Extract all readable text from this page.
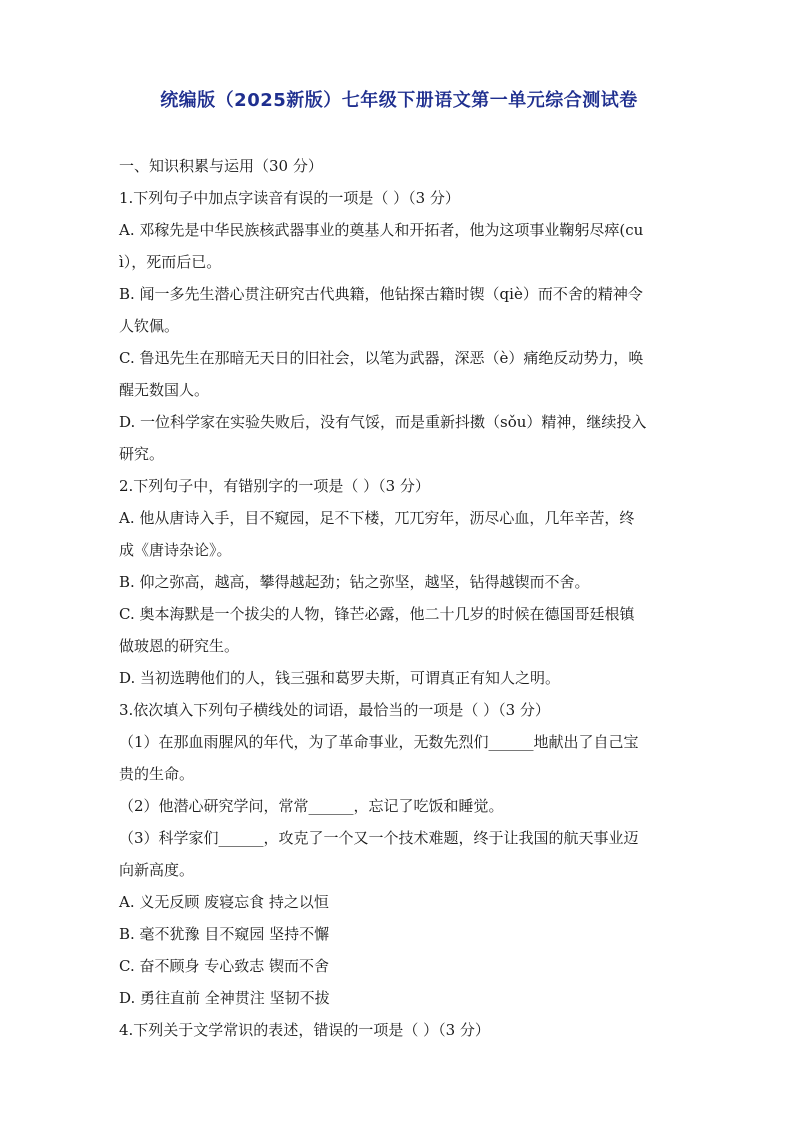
统编版（2025新版）七年级下册语文第一单元综合测试卷
一、知识积累与运用（30 分）
1.下列句子中加点字读音有误的一项是（ ）（3 分）
A. 邓稼先是中华民族核武器事业的奠基人和开拓者，他为这项事业鞠躬尽瘁(cu
ì），死而后已。
B. 闻一多先生潜心贯注研究古代典籍，他钻探古籍时锲（qiè）而不舍的精神令
人钦佩。
C. 鲁迅先生在那暗无天日的旧社会，以笔为武器，深恶（è）痛绝反动势力，唤
醒无数国人。
D. 一位科学家在实验失败后，没有气馁，而是重新抖擞（sǒu）精神，继续投入
研究。
2.下列句子中，有错别字的一项是（ ）（3 分）
A. 他从唐诗入手，目不窥园，足不下楼，兀兀穷年，沥尽心血，几年辛苦，终
成《唐诗杂论》。
B. 仰之弥高，越高，攀得越起劲；钻之弥坚，越坚，钻得越锲而不舍。
C. 奥本海默是一个拔尖的人物，锋芒必露，他二十几岁的时候在德国哥廷根镇
做玻恩的研究生。
D. 当初选聘他们的人，钱三强和葛罗夫斯，可谓真正有知人之明。
3.依次填入下列句子横线处的词语，最恰当的一项是（ ）（3 分）
（1）在那血雨腥风的年代，为了革命事业，无数先烈们______地献出了自己宝
贵的生命。
（2）他潜心研究学问，常常______，忘记了吃饭和睡觉。
（3）科学家们______，攻克了一个又一个技术难题，终于让我国的航天事业迈
向新高度。
A. 义无反顾 废寝忘食 持之以恒
B. 毫不犹豫 目不窥园 坚持不懈
C. 奋不顾身 专心致志 锲而不舍
D. 勇往直前 全神贯注 坚韧不拔
4.下列关于文学常识的表述，错误的一项是（ ）（3 分）
